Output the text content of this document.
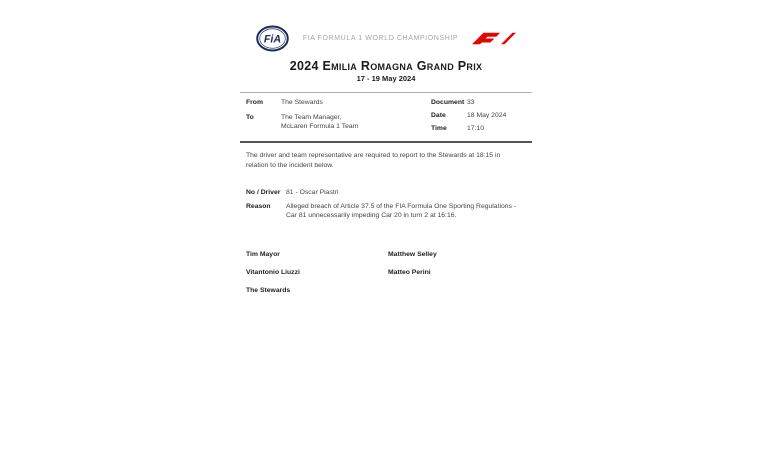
FiA	FIA FORMULA 1 WORLD CHAMPIONSHIP
2024 Emilia Romagna Grand Prix
17 - 19 May 2024
From	The Stewards
To	The Team Manager,
McLaren Formula 1 Team
Document 33
Date	18 May 2024
Time	17:10

The driver and team representative are required to report to the Stewards at 18:15 in relation to the incident below.

No / Driver 81 - Oscar Piastri
Reason	Alleged breach of Article 37.5 of the FIA Formula One Sporting Regulations - Car 81 unnecessarily impeding Car 20 in turn 2 at 16:16.
Tim Mayor	Matthew Selley
Vitantonio Liuzzi	Matteo Perini
The Stewards
